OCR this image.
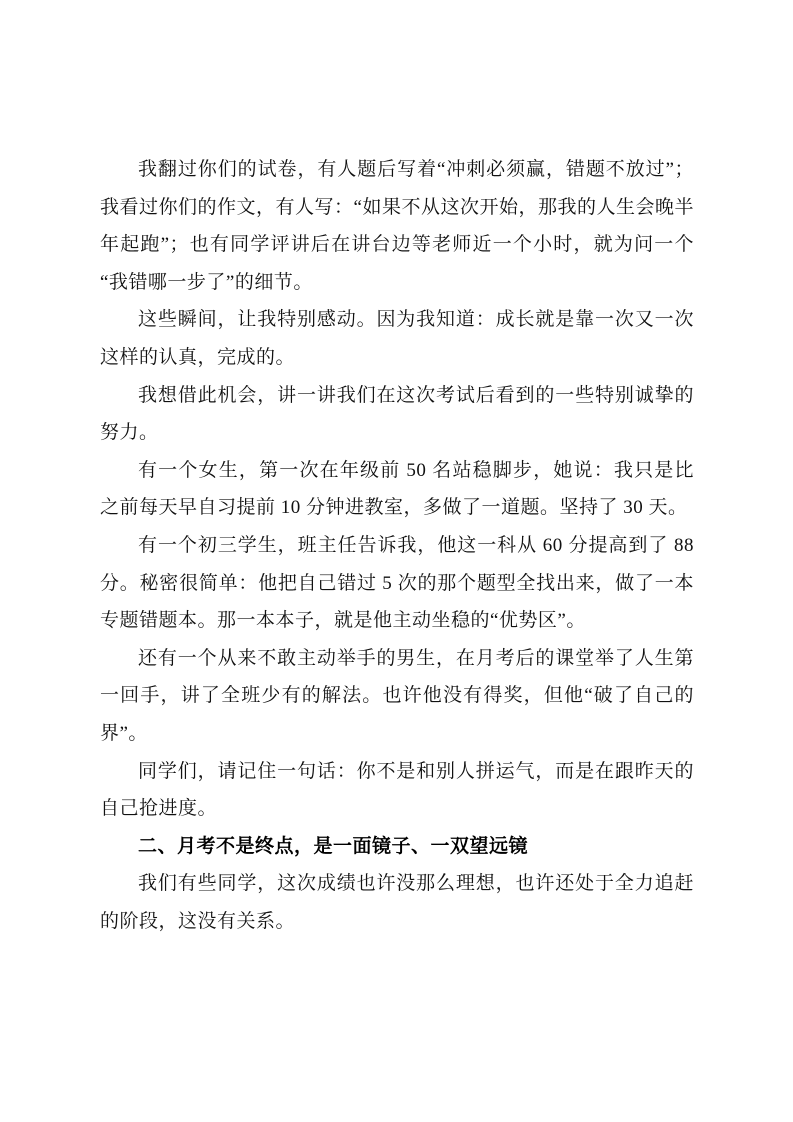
我翻过你们的试卷，有人题后写着“冲刺必须赢，错题不放过”；我看过你们的作文，有人写：“如果不从这次开始，那我的人生会晚半年起跑”；也有同学评讲后在讲台边等老师近一个小时，就为问一个“我错哪一步了”的细节。

这些瞬间，让我特别感动。因为我知道：成长就是靠一次又一次这样的认真，完成的。

我想借此机会，讲一讲我们在这次考试后看到的一些特别诚挚的努力。

有一个女生，第一次在年级前 50 名站稳脚步，她说：我只是比之前每天早自习提前 10 分钟进教室，多做了一道题。坚持了 30 天。

有一个初三学生，班主任告诉我，他这一科从 60 分提高到了 88 分。秘密很简单：他把自己错过 5 次的那个题型全找出来，做了一本专题错题本。那一本本子，就是他主动坐稳的“优势区”。

还有一个从来不敢主动举手的男生，在月考后的课堂举了人生第一回手，讲了全班少有的解法。也许他没有得奖，但他“破了自己的界”。

同学们，请记住一句话：你不是和别人拼运气，而是在跟昨天的自己抢进度。

二、月考不是终点，是一面镜子、一双望远镜

我们有些同学，这次成绩也许没那么理想，也许还处于全力追赶的阶段，这没有关系。
